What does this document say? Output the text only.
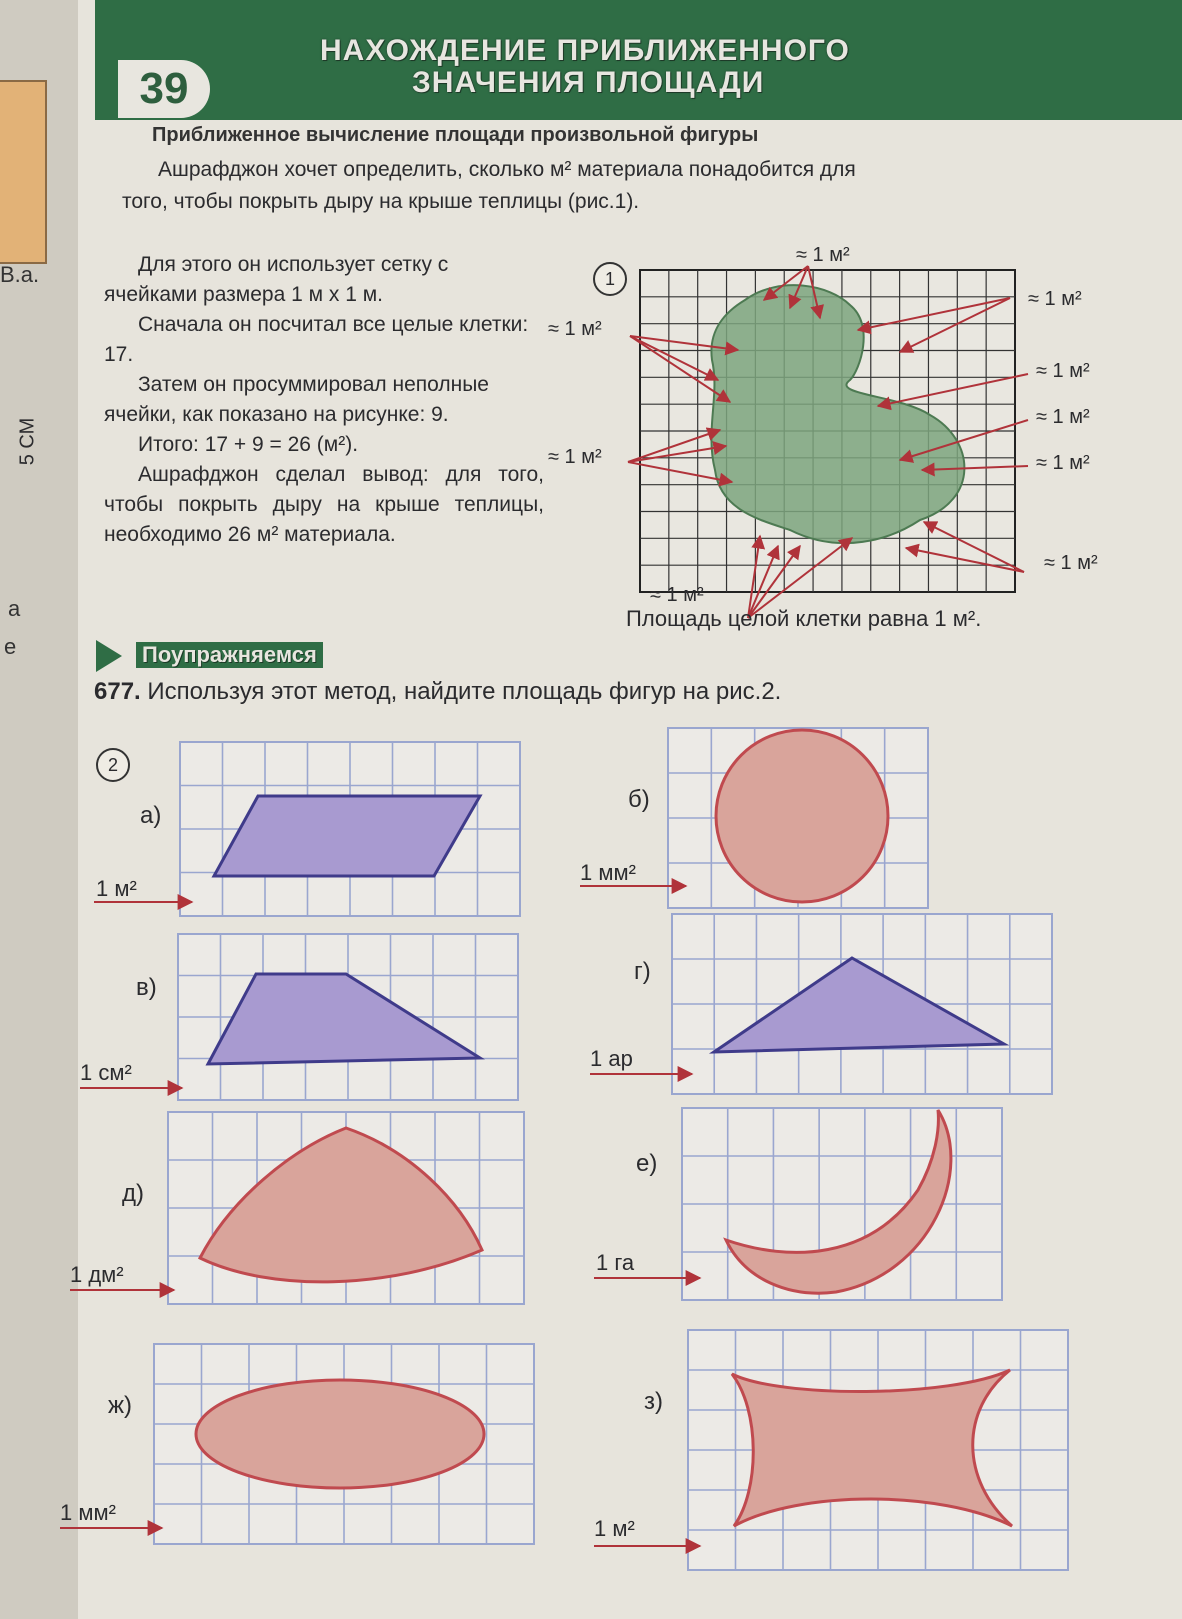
В.а.
5 СМ
а
е
39
НАХОЖДЕНИЕ ПРИБЛИЖЕННОГО
ЗНАЧЕНИЯ ПЛОЩАДИ
Приближенное вычисление площади произвольной фигуры
Ашрафджон хочет определить, сколько м² материала понадобится для
того, чтобы покрыть дыру на крыше теплицы (рис.1).

Для этого он использует сетку с ячейками размера 1 м х 1 м.

Сначала он посчитал все целые клетки: 17.

Затем он просуммировал неполные ячейки, как показано на рисунке: 9.

Итого: 17 + 9 = 26 (м²).

Ашрафджон сделал вывод: для того, чтобы покрыть дыру на крыше теплицы, необходимо 26 м² материала.

1
≈ 1 м²
≈ 1 м²
≈ 1 м²
≈ 1 м²
≈ 1 м²
≈ 1 м²
≈ 1 м²
≈ 1 м²
≈ 1 м²
Площадь целой клетки равна 1 м².
Поупражняемся
677. Используя этот метод, найдите площадь фигур на рис.2.
2
а)
1 м²
б)
1 мм²
в)
1 см²
г)
1 ар
д)
1 дм²
е)
1 га
ж)
1 мм²
з)
1 м²
